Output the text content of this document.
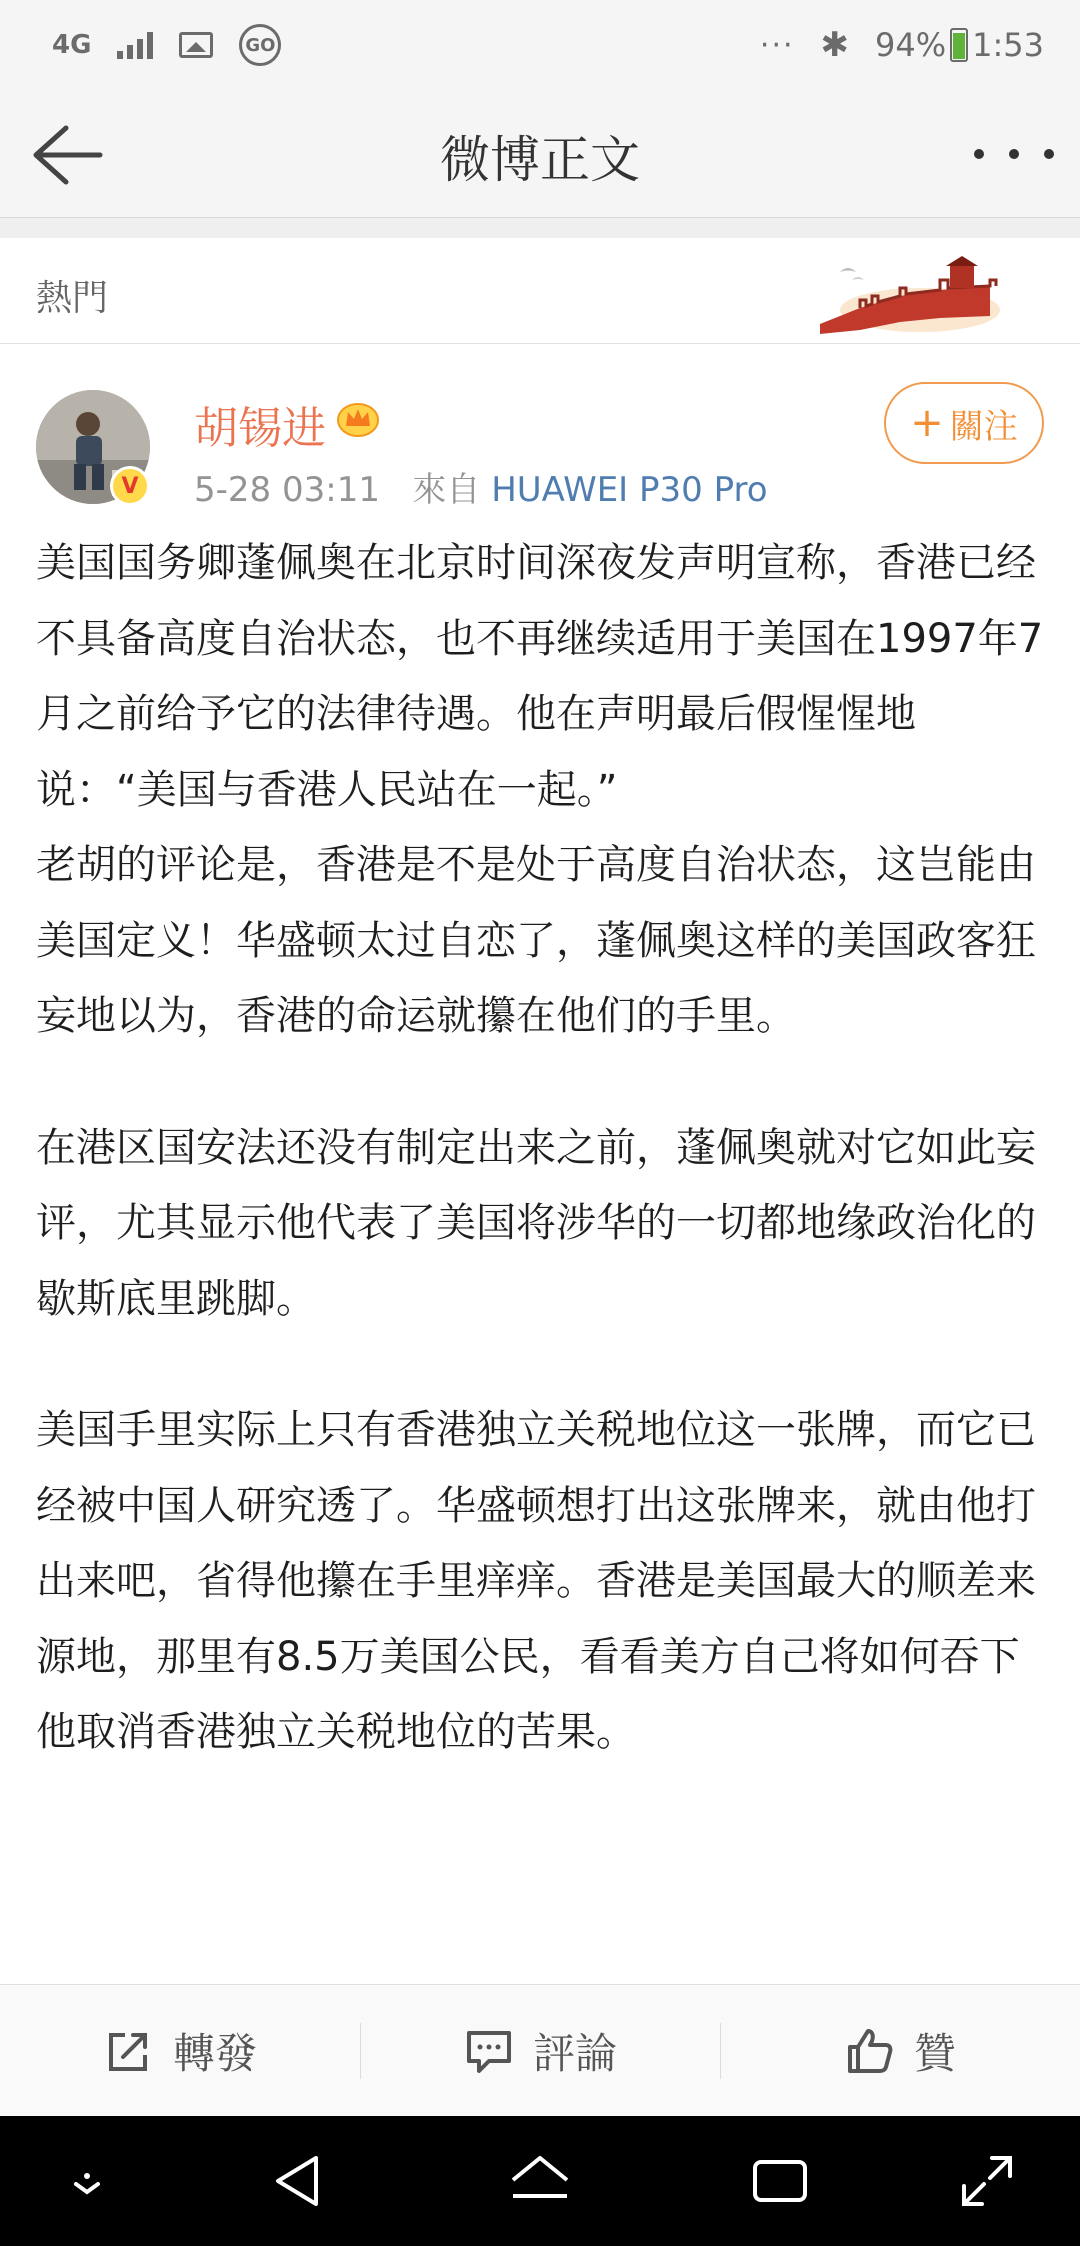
4G	GO	··· ✱ 94% 1:53
微博正文
熱門
V
胡锡进
5-28 03:11 來自 HUAWEI P30 Pro
+ 關注

美国国务卿蓬佩奥在北京时间深夜发声明宣称，香港已经不具备高度自治状态，也不再继续适用于美国在1997年7月之前给予它的法律待遇。他在声明最后假惺惺地说：“美国与香港人民站在一起。”

老胡的评论是，香港是不是处于高度自治状态，这岂能由美国定义！华盛顿太过自恋了，蓬佩奥这样的美国政客狂妄地以为，香港的命运就攥在他们的手里。

在港区国安法还没有制定出来之前，蓬佩奥就对它如此妄评，尤其显示他代表了美国将涉华的一切都地缘政治化的歇斯底里跳脚。

美国手里实际上只有香港独立关税地位这一张牌，而它已经被中国人研究透了。华盛顿想打出这张牌来，就由他打出来吧，省得他攥在手里痒痒。香港是美国最大的顺差来源地，那里有8.5万美国公民，看看美方自己将如何吞下他取消香港独立关税地位的苦果。

轉發	評論	贊
